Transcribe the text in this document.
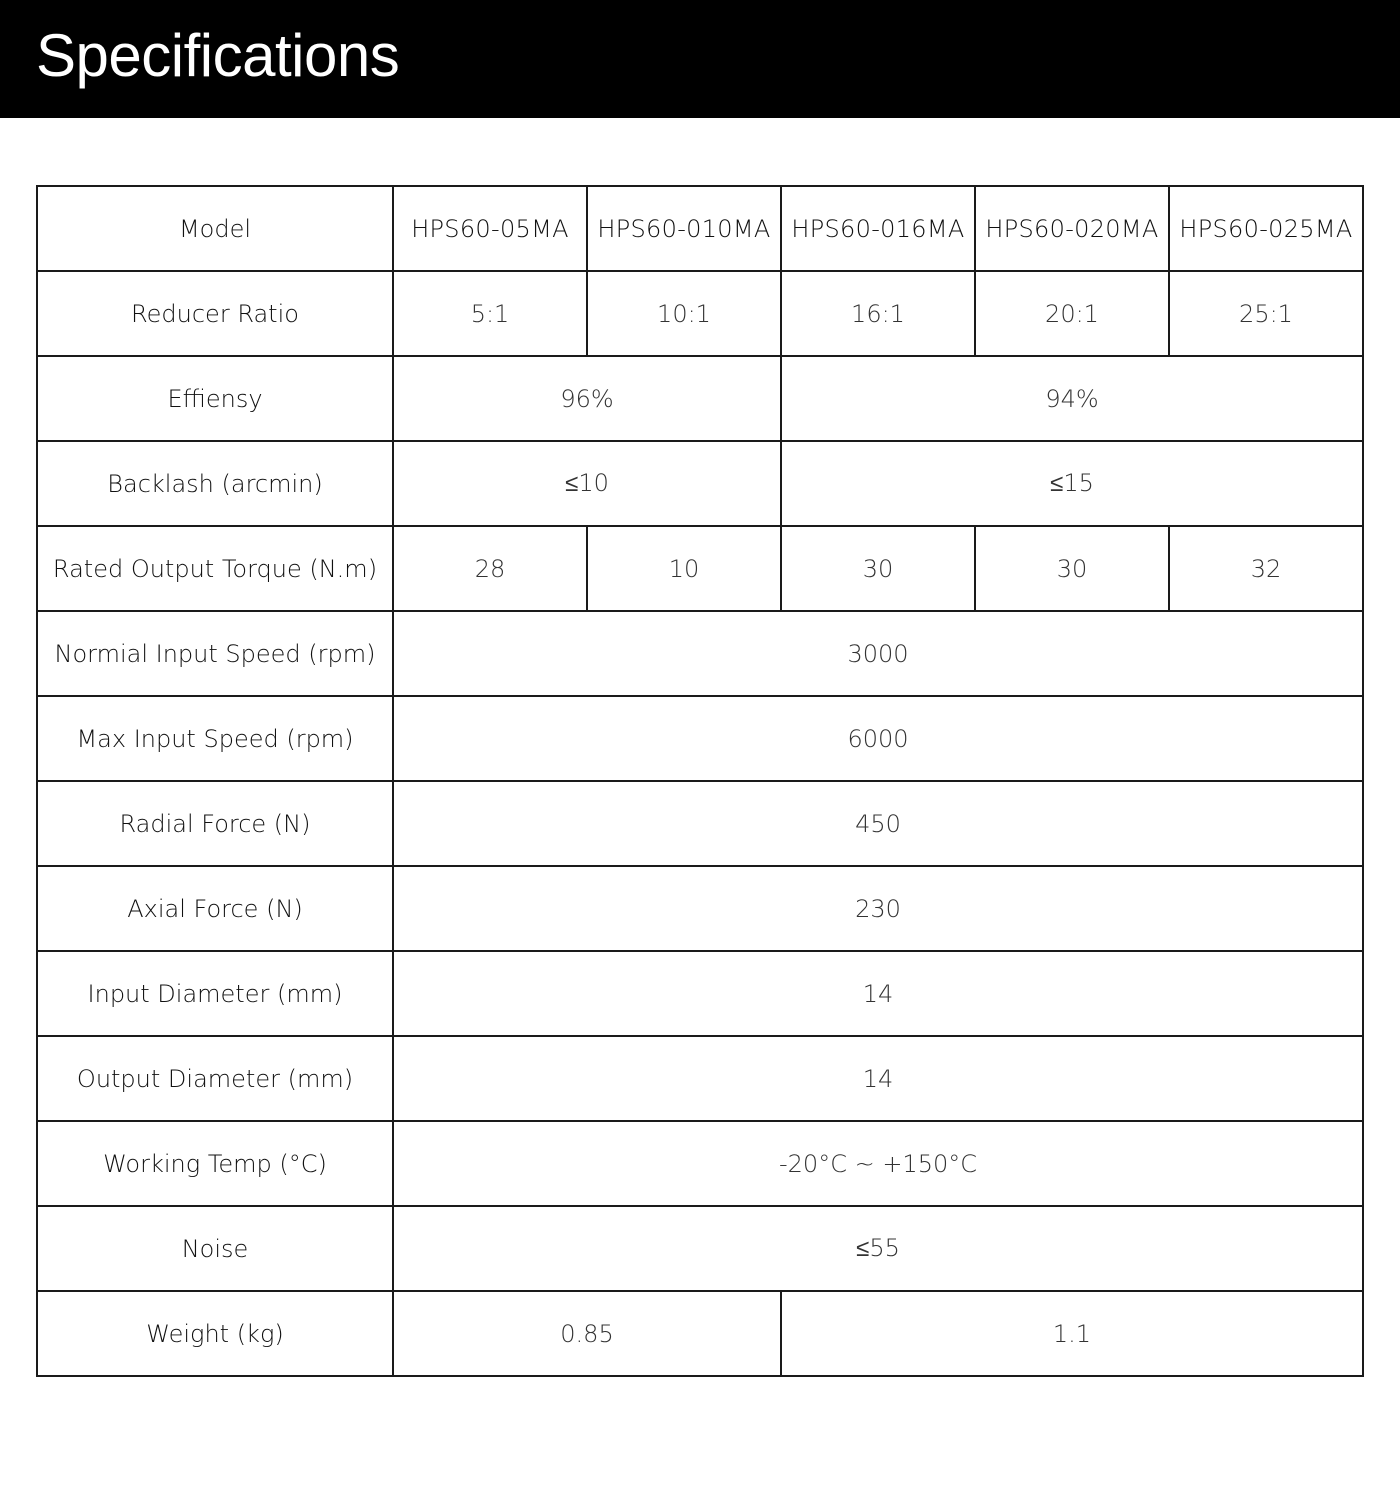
Specifications
Model	HPS60-05MA	HPS60-010MA	HPS60-016MA	HPS60-020MA	HPS60-025MA
Reducer Ratio	5:1	10:1	16:1	20:1	25:1
Effiensy	96%		94%		
Backlash (arcmin)	≤10		≤15		
Rated Output Torque (N.m)	28	10	30	30	32
Normial Input Speed (rpm)	3000				
Max Input Speed (rpm)	6000				
Radial Force (N)	450				
Axial Force (N)	230				
Input Diameter (mm)	14				
Output Diameter (mm)	14				
Working Temp (°C)	-20°C ~ +150°C				
Noise	≤55				
Weight (kg)	0.85		1.1		
